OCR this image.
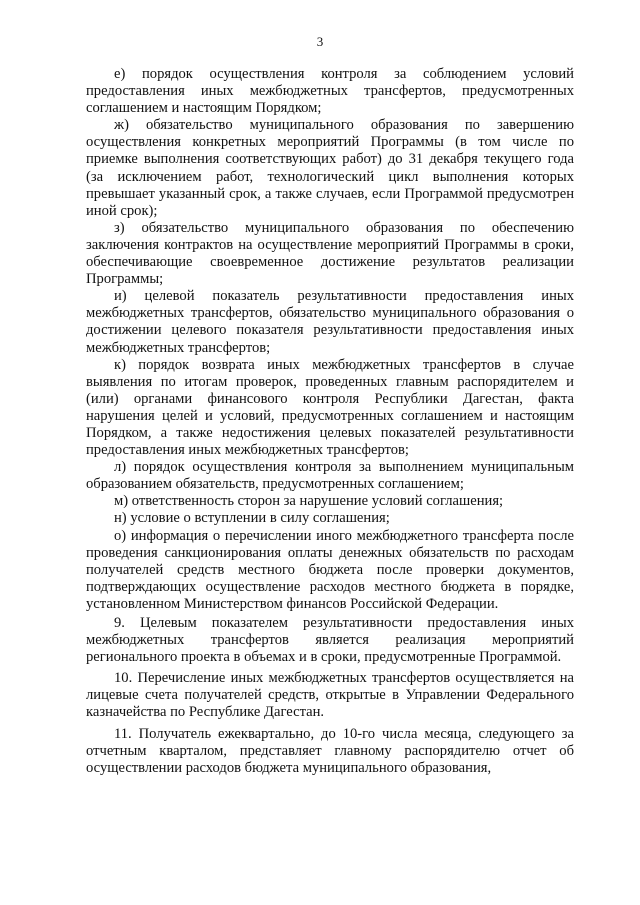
3

е) порядок осуществления контроля за соблюдением условий предоставления иных межбюджетных трансфертов, предусмотренных соглашением и настоящим Порядком;

ж) обязательство муниципального образования по завершению осуществления конкретных мероприятий Программы (в том числе по приемке выполнения соответствующих работ) до 31 декабря текущего года (за исключением работ, технологический цикл выполнения которых превышает указанный срок, а также случаев, если Программой предусмотрен иной срок);

з) обязательство муниципального образования по обеспечению заключения контрактов на осуществление мероприятий Программы в сроки, обеспечивающие своевременное достижение результатов реализации Программы;

и) целевой показатель результативности предоставления иных межбюджетных трансфертов, обязательство муниципального образования о достижении целевого показателя результативности предоставления иных межбюджетных трансфертов;

к) порядок возврата иных межбюджетных трансфертов в случае выявления по итогам проверок, проведенных главным распорядителем и (или) органами финансового контроля Республики Дагестан, факта нарушения целей и условий, предусмотренных соглашением и настоящим Порядком, а также недостижения целевых показателей результативности предоставления иных межбюджетных трансфертов;

л) порядок осуществления контроля за выполнением муниципальным образованием обязательств, предусмотренных соглашением;

м) ответственность сторон за нарушение условий соглашения;

н) условие о вступлении в силу соглашения;

о) информация о перечислении иного межбюджетного трансферта после проведения санкционирования оплаты денежных обязательств по расходам получателей средств местного бюджета после проверки документов, подтверждающих осуществление расходов местного бюджета в порядке, установленном Министерством финансов Российской Федерации.

9. Целевым показателем результативности предоставления иных межбюджетных трансфертов является реализация мероприятий регионального проекта в объемах и в сроки, предусмотренные Программой.

10. Перечисление иных межбюджетных трансфертов осуществляется на лицевые счета получателей средств, открытые в Управлении Федерального казначейства по Республике Дагестан.

11. Получатель ежеквартально, до 10-го числа месяца, следующего за отчетным кварталом, представляет главному распорядителю отчет об осуществлении расходов бюджета муниципального образования,
